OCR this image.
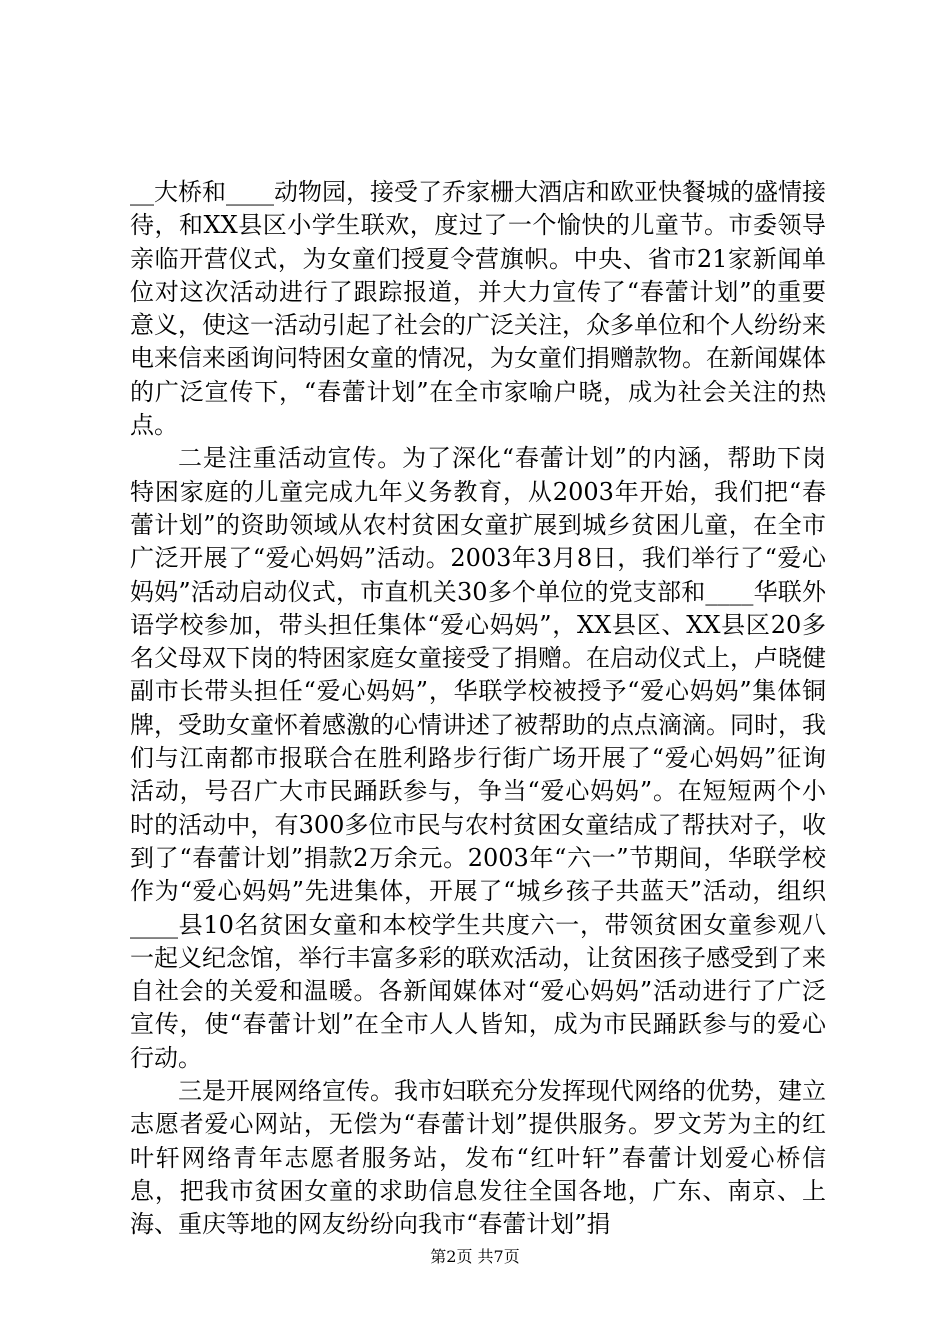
__大桥和____动物园，接受了乔家栅大酒店和欧亚快餐城的盛情接待，和XX县区小学生联欢，度过了一个愉快的儿童节。市委领导亲临开营仪式，为女童们授夏令营旗帜。中央、省市21家新闻单位对这次活动进行了跟踪报道，并大力宣传了“春蕾计划”的重要意义，使这一活动引起了社会的广泛关注，众多单位和个人纷纷来电来信来函询问特困女童的情况，为女童们捐赠款物。在新闻媒体的广泛宣传下，“春蕾计划”在全市家喻户晓，成为社会关注的热点。

二是注重活动宣传。为了深化“春蕾计划”的内涵，帮助下岗特困家庭的儿童完成九年义务教育，从2003年开始，我们把“春蕾计划”的资助领域从农村贫困女童扩展到城乡贫困儿童，在全市广泛开展了“爱心妈妈”活动。2003年3月8日，我们举行了“爱心妈妈”活动启动仪式，市直机关30多个单位的党支部和____华联外语学校参加，带头担任集体“爱心妈妈”，XX县区、XX县区20多名父母双下岗的特困家庭女童接受了捐赠。在启动仪式上，卢晓健副市长带头担任“爱心妈妈”，华联学校被授予“爱心妈妈”集体铜牌，受助女童怀着感激的心情讲述了被帮助的点点滴滴。同时，我们与江南都市报联合在胜利路步行街广场开展了“爱心妈妈”征询活动，号召广大市民踊跃参与，争当“爱心妈妈”。在短短两个小时的活动中，有300多位市民与农村贫困女童结成了帮扶对子，收到了“春蕾计划”捐款2万余元。2003年“六一”节期间，华联学校作为“爱心妈妈”先进集体，开展了“城乡孩子共蓝天”活动，组织____县10名贫困女童和本校学生共度六一，带领贫困女童参观八一起义纪念馆，举行丰富多彩的联欢活动，让贫困孩子感受到了来自社会的关爱和温暖。各新闻媒体对“爱心妈妈”活动进行了广泛宣传，使“春蕾计划”在全市人人皆知，成为市民踊跃参与的爱心行动。

三是开展网络宣传。我市妇联充分发挥现代网络的优势，建立志愿者爱心网站，无偿为“春蕾计划”提供服务。罗文芳为主的红叶轩网络青年志愿者服务站，发布“红叶轩”春蕾计划爱心桥信息，把我市贫困女童的求助信息发往全国各地，广东、南京、上海、重庆等地的网友纷纷向我市“春蕾计划”捐

第2页 共7页
